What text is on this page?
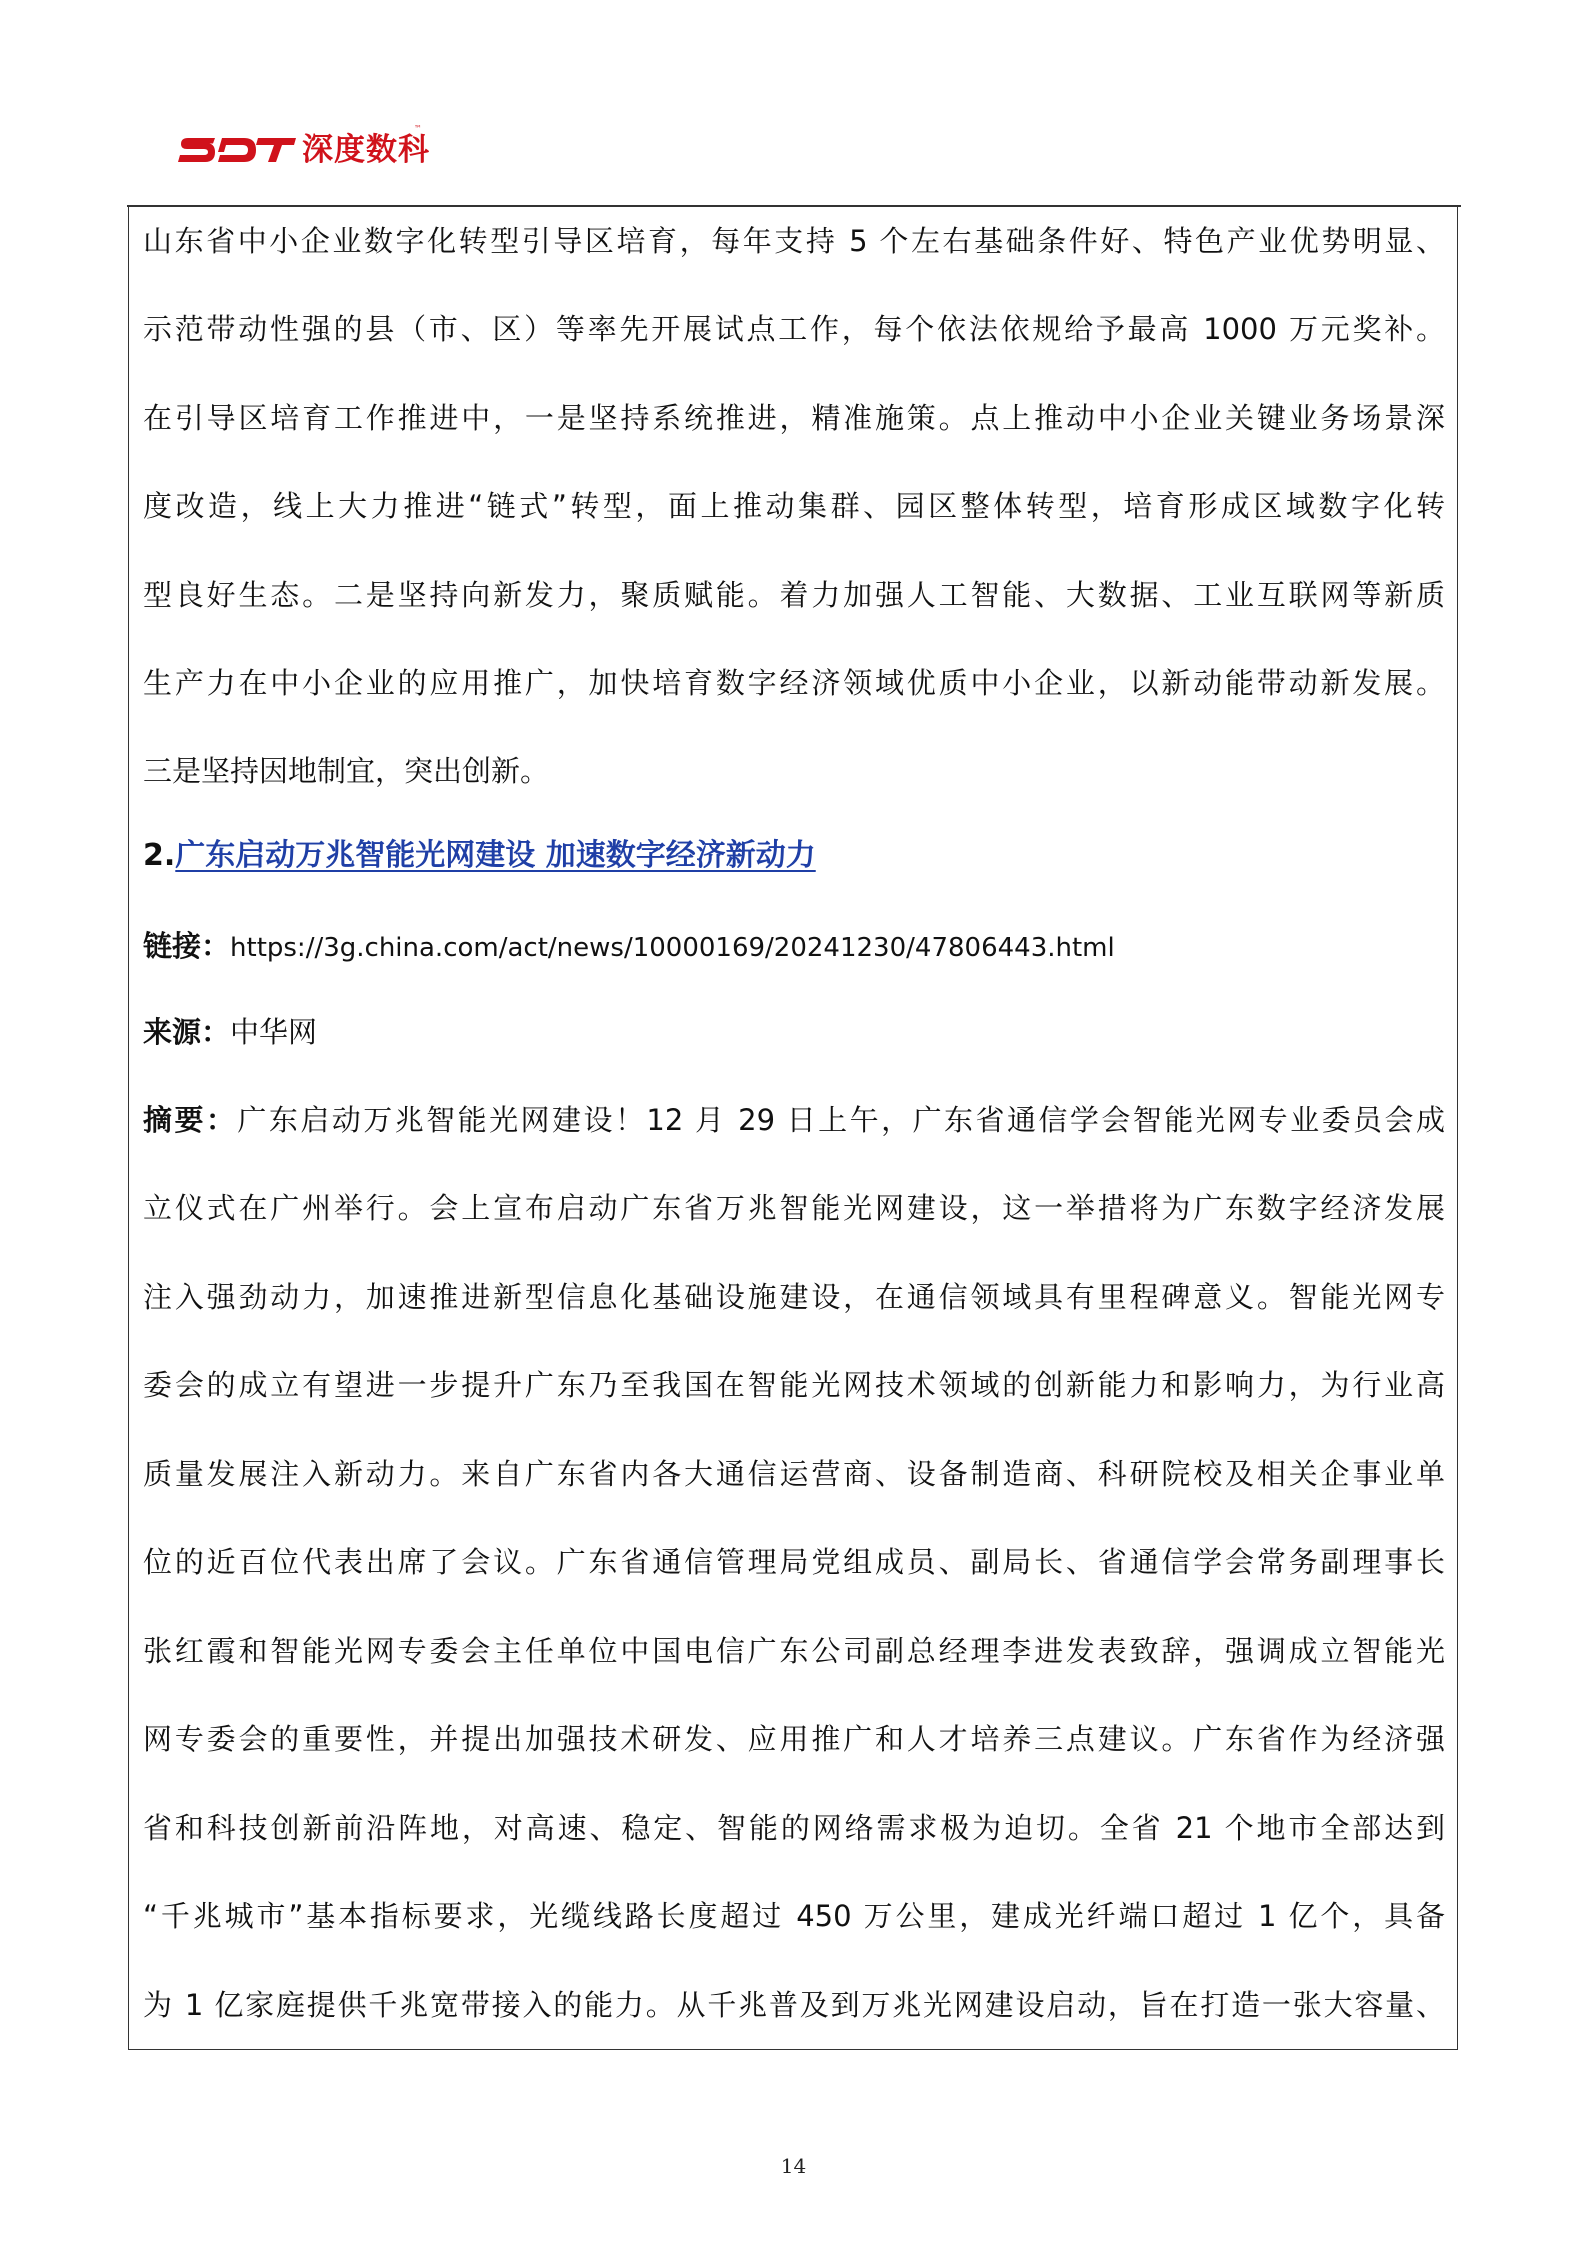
深度数科
™
山东省中小企业数字化转型引导区培育，每年支持 5 个左右基础条件好、特色产业优势明显、
示范带动性强的县（市、区）等率先开展试点工作，每个依法依规给予最高 1000 万元奖补。
在引导区培育工作推进中，一是坚持系统推进，精准施策。点上推动中小企业关键业务场景深
度改造，线上大力推进“链式”转型，面上推动集群、园区整体转型，培育形成区域数字化转
型良好生态。二是坚持向新发力，聚质赋能。着力加强人工智能、大数据、工业互联网等新质
生产力在中小企业的应用推广，加快培育数字经济领域优质中小企业，以新动能带动新发展。
三是坚持因地制宜，突出创新。
2.广东启动万兆智能光网建设 加速数字经济新动力
链接：https://3g.china.com/act/news/10000169/20241230/47806443.html
来源：中华网
摘要：广东启动万兆智能光网建设！12 月 29 日上午，广东省通信学会智能光网专业委员会成
立仪式在广州举行。会上宣布启动广东省万兆智能光网建设，这一举措将为广东数字经济发展
注入强劲动力，加速推进新型信息化基础设施建设，在通信领域具有里程碑意义。智能光网专
委会的成立有望进一步提升广东乃至我国在智能光网技术领域的创新能力和影响力，为行业高
质量发展注入新动力。来自广东省内各大通信运营商、设备制造商、科研院校及相关企事业单
位的近百位代表出席了会议。广东省通信管理局党组成员、副局长、省通信学会常务副理事长
张红霞和智能光网专委会主任单位中国电信广东公司副总经理李进发表致辞，强调成立智能光
网专委会的重要性，并提出加强技术研发、应用推广和人才培养三点建议。广东省作为经济强
省和科技创新前沿阵地，对高速、稳定、智能的网络需求极为迫切。全省 21 个地市全部达到
“千兆城市”基本指标要求，光缆线路长度超过 450 万公里，建成光纤端口超过 1 亿个，具备
为 1 亿家庭提供千兆宽带接入的能力。从千兆普及到万兆光网建设启动，旨在打造一张大容量、
14
